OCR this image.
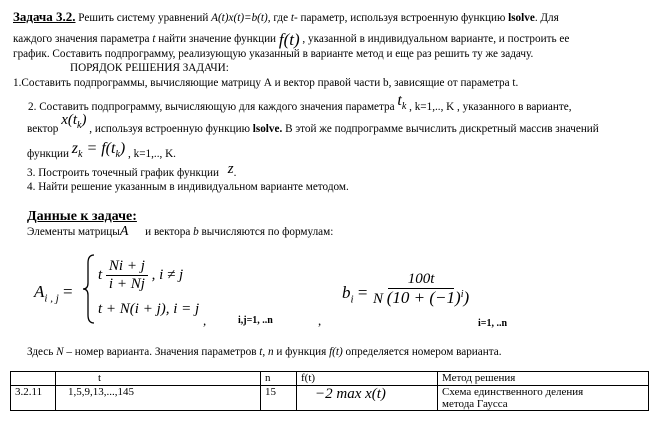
Задача 3.2. Решить систему уравнений A(t)x(t)=b(t), где t- параметр, используя встроенную функцию lsolve. Для
каждого значения параметра t найти значение функции f(t) , указанной в индивидуальном варианте, и построить ее
график. Составить подпрограмму, реализующую указанный в варианте метод и еще раз решить ту же задачу.
ПОРЯДОК РЕШЕНИЯ ЗАДАЧИ:
1.Составить подпрограммы, вычисляющие матрицу А и вектор правой части b, зависящие от параметра t.
2. Составить подпрограмму, вычисляющую для каждого значения параметра $t_k$ , k=1,.., K , указанного в варианте,
вектор $x(t_k)$ , используя встроенную функцию lsolve. В этой же подпрограмме вычислить дискретный массив значений
функции $z_k = f(t_k)$ , k=1,.., K.
3. Построить точечный график функции z.
4. Найти решение указанным в индивидуальном варианте методом.
Данные к задаче:
Элементы матрицыA и вектора b вычисляются по формулам:
$A_{i , j}$ =
t $\frac{Ni + j}{i + Nj}$ , i ≠ j
t + N(i + j), i = j
,	i,j=1, ..n	,
$b_i = \frac{100t}{N (10 + (-1)^i)}$
i=1, ..n
Здесь N – номер варианта. Значения параметров t, n и функция f(t) определяется номером варианта.
	t	n	f(t)	Метод решения
3.2.11	1,5,9,13,...,145	15	−2 max x(t)	Схема единственного деления
метода Гаусса
